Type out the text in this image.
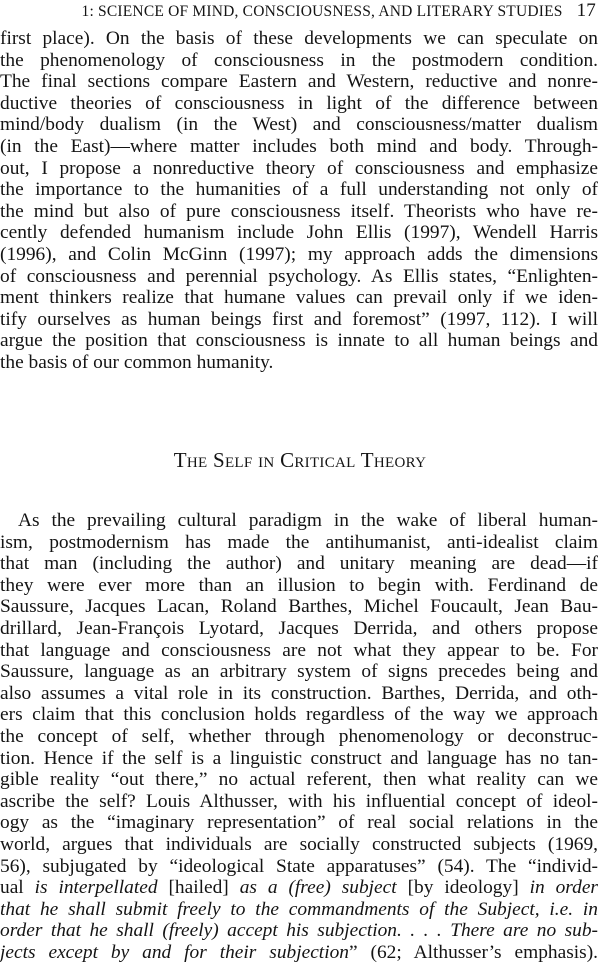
1: SCIENCE OF MIND, CONSCIOUSNESS, AND LITERARY STUDIES 17
first place). On the basis of these developments we can speculate on
the phenomenology of consciousness in the postmodern condition.
The final sections compare Eastern and Western, reductive and nonre-
ductive theories of consciousness in light of the difference between
mind/body dualism (in the West) and consciousness/matter dualism
(in the East)—where matter includes both mind and body. Through-
out, I propose a nonreductive theory of consciousness and emphasize
the importance to the humanities of a full understanding not only of
the mind but also of pure consciousness itself. Theorists who have re-
cently defended humanism include John Ellis (1997), Wendell Harris
(1996), and Colin McGinn (1997); my approach adds the dimensions
of consciousness and perennial psychology. As Ellis states, “Enlighten-
ment thinkers realize that humane values can prevail only if we iden-
tify ourselves as human beings first and foremost” (1997, 112). I will
argue the position that consciousness is innate to all human beings and
the basis of our common humanity.
The Self in Critical Theory
As the prevailing cultural paradigm in the wake of liberal human-
ism, postmodernism has made the antihumanist, anti-idealist claim
that man (including the author) and unitary meaning are dead—if
they were ever more than an illusion to begin with. Ferdinand de
Saussure, Jacques Lacan, Roland Barthes, Michel Foucault, Jean Bau-
drillard, Jean-François Lyotard, Jacques Derrida, and others propose
that language and consciousness are not what they appear to be. For
Saussure, language as an arbitrary system of signs precedes being and
also assumes a vital role in its construction. Barthes, Derrida, and oth-
ers claim that this conclusion holds regardless of the way we approach
the concept of self, whether through phenomenology or deconstruc-
tion. Hence if the self is a linguistic construct and language has no tan-
gible reality “out there,” no actual referent, then what reality can we
ascribe the self? Louis Althusser, with his influential concept of ideol-
ogy as the “imaginary representation” of real social relations in the
world, argues that individuals are socially constructed subjects (1969,
56), subjugated by “ideological State apparatuses” (54). The “individ-
ual is interpellated [hailed] as a (free) subject [by ideology] in order
that he shall submit freely to the commandments of the Subject, i.e. in
order that he shall (freely) accept his subjection. . . . There are no sub-
jects except by and for their subjection” (62; Althusser’s emphasis).
